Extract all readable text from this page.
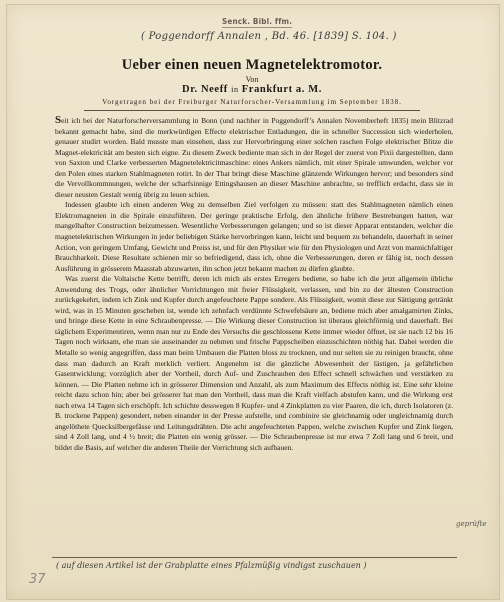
Senck. Bibl. ffm.
( Poggendorff Annalen , Bd. 46. [1839] S. 104. )
Ueber einen neuen Magnetelektromotor.
Von
Dr. Neeff in Frankfurt a. M.
Vorgetragen bei der Freiburger Naturforscher-Versammlung im September 1838.

Seit ich bei der Naturforscherversammlung in Bonn (und nachher in Poggendorff’s Annalen Novemberheft 1835) mein Blitzrad bekannt gemacht habe, sind die merkwürdigen Effecte elektrischer Entladungen, die in schneller Succession sich wiederholen, genauer studirt worden. Bald musste man einsehen, dass zur Hervorbringung einer solchen raschen Folge elektrischer Blitze die Magnet-elektricität am besten sich eigne. Zu diesem Zweck bediente man sich in der Regel der zuerst von Pixii dargestellten, dann von Saxton und Clarke verbesserten Magnetelektricitmaschine: eines Ankers nämlich, mit einer Spirale umwunden, welcher vor den Polen eines starken Stahlmagneten rotirt. In der That bringt diese Maschine glänzende Wirkungen hervor; und besonders sind die Vervollkommnungen, welche der scharfsinnige Ettingshausen an dieser Maschine anbrachte, so trefflich erdacht, dass sie in dieser neusten Gestalt wenig übrig zu leuen schien.

Indessen glaubte ich einen anderen Weg zu demselben Ziel verfolgen zu müssen: statt des Stahlmagneten nämlich einen Elektromagneten in die Spirale einzuführen. Der geringe praktische Erfolg, den ähnliche frühere Bestrebungen hatten, war mangelhafter Construction beizumessen. Wesentliche Verbesserungen gelangen; und so ist dieser Apparat entstanden, welcher die magnetelektrischen Wirkungen in jeder beliebigen Stärke hervorbringen kann, leicht und bequem zu behandeln, dauerhaft in seiner Action, von geringem Umfang, Gewicht und Preiss ist, und für den Physiker wie für den Physiologen und Arzt von mannichfaltiger Brauchbarkeit. Diese Resultate schienen mir so befriedigend, dass ich, ohne die Verbesserungen, deren er fähig ist, noch dessen Ausführung in grösserem Maasstab abzuwarten, ihn schon jetzt bekannt machen zu dürfen glaubte.

Was zuerst die Voltaische Kette betrifft, deren ich mich als erstes Erregers bediene, so habe ich die jetzt allgemein übliche Anwendung des Trogs, oder ähnlicher Vorrichtungen mit freier Flüssigkeit, verlassen, und bin zu der ältesten Construction zurückgekehrt, indem ich Zink und Kupfer durch angefeuchtete Pappe sondere. Als Flüssigkeit, womit diese zur Sättigung getränkt wird, was in 15 Minuten geschehen ist, wende ich zehnfach verdünnte Schwefelsäure an, bediene mich aber amalgamirten Zinks, und bringe diese Kette in eine Schraubenpresse. — Die Wirkung dieser Construction ist überaus gleichförmig und dauerhaft. Bei täglichem Experimentiren, wenn man nur zu Ende des Versuchs die geschlossene Kette immer wieder öffnet, ist sie nach 12 bis 16 Tagen noch wirksam, ehe man sie auseinander zu nehmen und frische Pappscheiben einzuschichten nöthig hat. Dabei werden die Metalle so wenig angegriffen, dass man beim Umbauen die Platten bloss zu trocknen, und nur selten sie zu reinigen braucht, ohne dass man dadurch an Kraft merklich verliert. Angenehm ist die gänzliche Abwesenheit der lästigen, ja gefährlichen Gasentwicklung; vorzüglich aber der Vortheil, durch Auf- und Zuschrauben den Effect schnell schwächen und verstärken zu können. — Die Platten nehme ich in grösserer Dimension und Anzahl, als zum Maximum des Effects nöthig ist. Eine sehr kleine reicht dazu schon hin; aber bei grösserer hat man den Vortheil, dass man die Kraft vielfach abstufen kann, und die Wirkung erst nach etwa 14 Tagen sich erschöpft. Ich schichte desswegen 8 Kupfer- und 4 Zinkplatten zu vier Paaren, die ich, durch Isolatoren (z. B. trockene Pappen) gesondert, neben einander in der Presse aufstelle, und combinire sie gleichnamig oder ungleichnamig durch angelöthete Quecksilbergefässe und Leitungsdrähten. Die acht angefeuchteten Pappen, welche zwischen Kupfer und Zink liegen, sind 4 Zoll lang, und 4 ½ breit; die Platten ein wenig grösser. — Die Schraubenpresse ist nur etwa 7 Zoll lang und 6 breit, und bildet die Basis, auf welcher die anderen Theile der Vorrichtung sich aufbauen.

geprüfte
( auf diesen Artikel ist der Grabplatte eines Pfalzmüßig vindigst zuschauen )
37
